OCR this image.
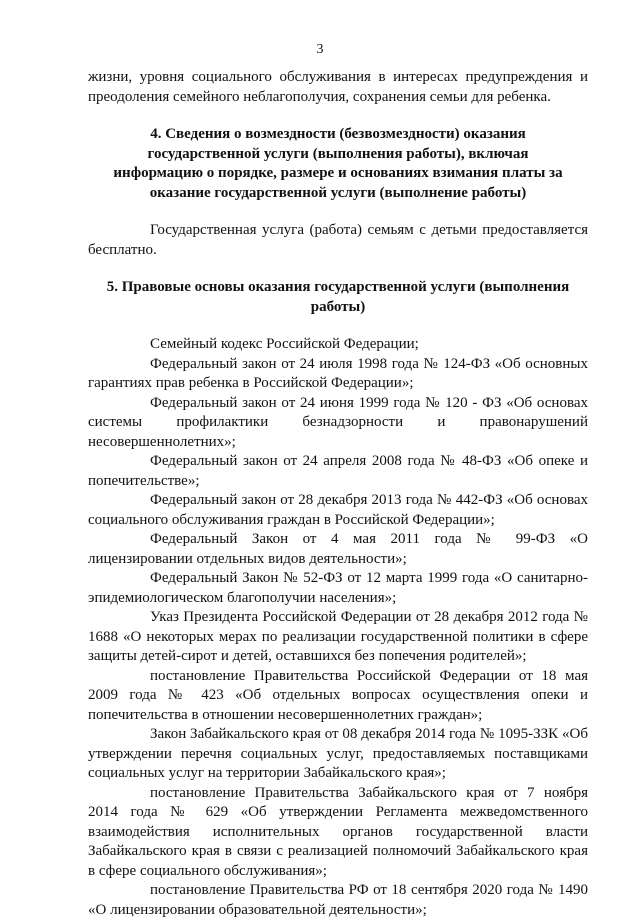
3

жизни, уровня социального обслуживания в интересах предупреждения и преодоления семейного неблагополучия, сохранения семьи для ребенка.

4. Сведения о возмездности (безвозмездности) оказания государственной услуги (выполнения работы), включая информацию о порядке, размере и основаниях взимания платы за оказание государственной услуги (выполнение работы)

Государственная услуга (работа) семьям с детьми предоставляется бесплатно.

5. Правовые основы оказания государственной услуги (выполнения работы)

Семейный кодекс Российской Федерации;

Федеральный закон от 24 июля 1998 года № 124-ФЗ «Об основных гарантиях прав ребенка в Российской Федерации»;

Федеральный закон от 24 июня 1999 года № 120 - ФЗ «Об основах системы профилактики безнадзорности и правонарушений несовершеннолетних»;

Федеральный закон от 24 апреля 2008 года № 48-ФЗ «Об опеке и попечительстве»;

Федеральный закон от 28 декабря 2013 года № 442-ФЗ «Об основах социального обслуживания граждан в Российской Федерации»;

Федеральный Закон от 4 мая 2011 года № 99-ФЗ «О лицензировании отдельных видов деятельности»;

Федеральный Закон № 52-ФЗ от 12 марта 1999 года «О санитарно-эпидемиологическом благополучии населения»;

Указ Президента Российской Федерации от 28 декабря 2012 года № 1688 «О некоторых мерах по реализации государственной политики в сфере защиты детей-сирот и детей, оставшихся без попечения родителей»;

постановление Правительства Российской Федерации от 18 мая 2009 года № 423 «Об отдельных вопросах осуществления опеки и попечительства в отношении несовершеннолетних граждан»;

Закон Забайкальского края от 08 декабря 2014 года № 1095-ЗЗК «Об утверждении перечня социальных услуг, предоставляемых поставщиками социальных услуг на территории Забайкальского края»;

постановление Правительства Забайкальского края от 7 ноября 2014 года № 629 «Об утверждении Регламента межведомственного взаимодействия исполнительных органов государственной власти Забайкальского края в связи с реализацией полномочий Забайкальского края в сфере социального обслуживания»;

постановление Правительства РФ от 18 сентября 2020 года № 1490 «О лицензировании образовательной деятельности»;
